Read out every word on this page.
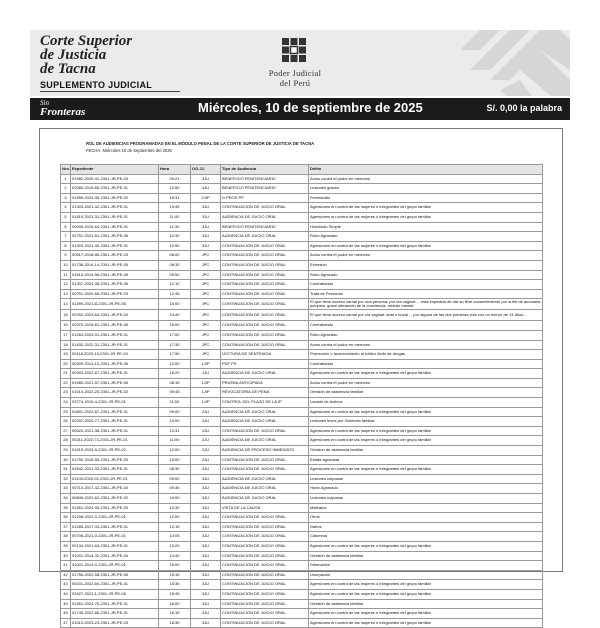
Corte Superior
de Justicia
de Tacna
SUPLEMENTO JUDICIAL
Poder Judicial
del Perú
Sin
Fronteras	Miércoles, 10 de septiembre de 2025	S/. 0,00 la palabra
ROL DE AUDIENCIAS PROGRAMADAS EN EL MÓDULO PENAL DE LA CORTE SUPERIOR DE JUSTICIA DE TACNA
FECHA: Miércoles 10 de Septiembre del 2025
Nro.	Expediente	Hora	OO.JJ.	Tipo de Audiencia	Delito
1	01982-2020-41-2301-JR-PE-03	09:21	3JU	BENEFICIO PENITENCIARIO	Actos contra el pudor en menores
2	02080-2015-65-2301-JR-PE-01	12:50	4JU	BENEFICIO PENITENCIARIO	Lesiones graves
3	01999-2024-35-2301-JR-PE-02	15:31	2JIP	D PROS PP	Feminicidio
4	01303-2021-42-2301-JR-PE-01	19:45	3JU	CONTINUACION DE JUICIO ORAL	Agresiones en contra de las mujeres o integrantes del grupo familiar
5	01810-2023-31-2301-JR-PE-01	11:00	3JU	AUDIENCIA DE JUICIO ORAL	Agresiones en contra de las mujeres o integrantes del grupo familiar
6	00005-2015-64-2301-JR-PE-01	11:30	3JU	BENEFICIO PENITENCIARIO	Homicidio Simple
7	02751-2021-51-2301-JR-PE-06	12:30	3JU	AUDIENCIA DE JUICIO ORAL	Robo Agravado
8	01303-2021-40-2301-JR-PE-01	12:50	3JU	CONTINUACION DE JUICIO ORAL	Agresiones en contra de las mujeres o integrantes del grupo familiar
9	00517-2018-86-2301-JR-PE-03	08:00	JPC	CONTINUACION DE JUICIO ORAL	Actos contra el pudor en menores
10	01738-2014-14-2301-JR-PE-05	08:30	JPC	CONTINUACION DE JUICIO ORAL	Extorsión
11	01610-2014-96-2301-JR-PE-05	09:50	JPC	CONTINUACION DE JUICIO ORAL	Robo Agravado
12	01307-2024-38-2301-JR-PE-06	12:10	JPC	CONTINUACION DE JUICIO ORAL	Contrabando
13	00751-2020-66-2301-JR-PE-03	12:45	JPC	CONTINUACION DE JUICIO ORAL	Trata de Personas
14	01499-2021-8-2301-JR-PE-06	15:00	JPC	CONTINUACION DE JUICIO ORAL	El que tiene acceso carnal por una persona, por vía vaginal ... está impedida de dar su libre consentimiento por sufrir de anomalía psíquica, grave alteración de la conciencia, retardo mental
15	00762-2023-64-2301-JR-PE-04	14:40	JPC	CONTINUACION DE JUICIO ORAL	El que tiene acceso carnal por vía vaginal, anal o bucal ... por alguna de las dos primeras vías con un menor de 14 años...
16	00370-2015-61-2301-JR-PE-05	15:00	JPC	CONTINUACION DE JUICIO ORAL	Contrabando
17	01264-2023-91-2301-JR-PE-01	17:00	JPC	CONTINUACION DE JUICIO ORAL	Robo Agravado
18	01432-2022-31-2301-JR-PE-01	17:30	JPC	CONTINUACION DE JUICIO ORAL	Actos contra el pudor en menores
19	00118-2023-15-2301-JR-PE-03	17:50	JPC	LECTURA DE SENTENCIA	Promoción o favorecimiento al tráfico ilícito de drogas
20	00309-2014-10-2301-JR-PE-06	12:00	1JIP	PDF PS	Contrabando
21	00303-2022-67-2301-JR-PE-01	16:20	1JU	AUDIENCIA DE JUICIO ORAL	Agresiones en contra de las mujeres o integrantes del grupo familiar
22	01980-2021-57-2301-JR-PE-06	08:15	1JIP	PRUEBA ANTICIPADA	Actos contra el pudor en menores
23	01014-2022-23-2301-JR-PE-02	09:45	1JIP	REVOCATORIA DE PENA	Omisión de asistencia familiar
24	03774-2015-4-2301-JR-PE-01	11:00	1JIP	CONTROL DEL PLAZO DE LA IP	Lavado de Activos
25	00891-2022-87-2301-JR-PE-01	09:00	2JU	AUDIENCIA DE JUICIO ORAL	Agresiones en contra de las mujeres o integrantes del grupo familiar
26	00337-2020-77-2301-JR-PE-01	10:00	2JU	AUDIENCIA DE JUICIO ORAL	Lesiones leves por Violencia familiar
27	00520-2021-38-2301-JR-PE-01	10:31	2JU	CONTINUACION DE JUICIO ORAL	Agresiones en contra de las mujeres o integrantes del grupo familiar
28	00211-2022-74-2301-JR-PE-01	11:00	2JU	AUDIENCIA DE JUICIO ORAL	Agresiones en contra de las mujeres o integrantes del grupo familiar
29	01519-2024-5-2301-JR-PE-02	12:00	2JU	AUDIENCIA DE PROCESO INMEDIATO	Omisión de asistencia familiar
30	01790-2018-55-2301-JR-PE-03	15:00	2JU	CONTINUACION DE JUICIO ORAL	Estafa agravada
31	01542-2021-32-2301-JR-PE-01	08:30	3JU	CONTINUACION DE JUICIO ORAL	Agresiones en contra de las mujeres o integrantes del grupo familiar
32	01105-2020-92-2301-JR-PE-01	09:00	3JU	AUDIENCIA DE JUICIO ORAL	Lesiones culposas
33	00710-2017-42-2301-JR-PE-04	09:30	3JU	AUDIENCIA DE JUICIO ORAL	Hurto Agravado
34	00849-2022-62-2301-JR-PE-02	10:00	3JU	AUDIENCIA DE JUICIO ORAL	Lesiones culposas
35	01361-2024-95-2301-JR-PE-03	10:30	3JU	VISTA DE LA CAUSA	Maltratos
36	01208-2022-0-2301-JR-PE-01	12:00	3JU	CONTINUACION DE JUICIO ORAL	Otros
37	01285-2017-43-2301-JR-PE-01	12:15	3JU	CONTINUACION DE JUICIO ORAL	Daños
38	00708-2021-0-2301-JR-PE-01	13:05	3JU	CONTINUACION DE JUICIO ORAL	Calumnia
39	00134-2021-63-2301-JR-PE-01	13:20	3JU	CONTINUACION DE JUICIO ORAL	Agresiones en contra de las mujeres o integrantes del grupo familiar
40	01001-2014-32-2301-JR-PE-04	14:40	3JU	CONTINUACION DE JUICIO ORAL	Omisión de asistencia familiar
41	01001-2014-0-2301-JR-PE-01	15:00	3JU	CONTINUACION DE JUICIO ORAL	Difamación
42	01756-2022-58-2301-JR-PE-06	15:15	3JU	CONTINUACION DE JUICIO ORAL	Usurpación
43	00431-2022-60-2301-JR-PE-01	15:30	3JU	CONTINUACION DE JUICIO ORAL	Agresiones en contra de las mujeres o integrantes del grupo familiar
44	03427-2021-1-2301-JR-PE-06	15:45	3JU	CONTINUACION DE JUICIO ORAL	Agresiones en contra de las mujeres o integrantes del grupo familiar
45	01361-2024-75-2301-JR-PE-01	16:00	3JU	CONTINUACION DE JUICIO ORAL	Omisión de asistencia familiar
46	01745-2022-66-2301-JR-PE-01	16:15	3JU	CONTINUACION DE JUICIO ORAL	Agresiones en contra de las mujeres o integrantes del grupo familiar
47	01010-2023-23-2301-JR-PE-03	16:30	3JU	CONTINUACION DE JUICIO ORAL	Agresiones en contra de las mujeres o integrantes del grupo familiar
